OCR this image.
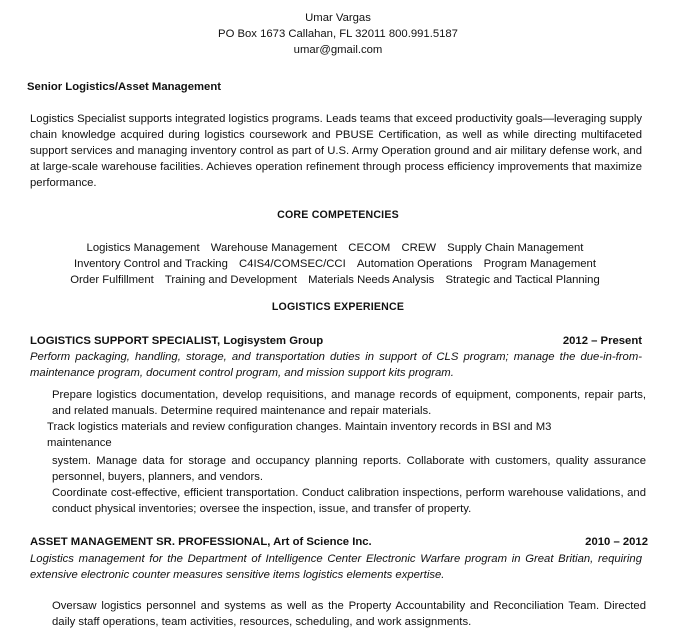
Umar Vargas
PO Box 1673 Callahan, FL 32011 800.991.5187
umar@gmail.com
Senior Logistics/Asset Management
Logistics Specialist supports integrated logistics programs. Leads teams that exceed productivity goals—leveraging supply chain knowledge acquired during logistics coursework and PBUSE Certification, as well as while directing multifaceted support services and managing inventory control as part of U.S. Army Operation ground and air military defense work, and at large-scale warehouse facilities. Achieves operation refinement through process efficiency improvements that maximize performance.
CORE COMPETENCIES
Logistics Management Warehouse Management CECOM CREW Supply Chain Management Inventory Control and Tracking C4IS4/COMSEC/CCI Automation Operations Program Management Order Fulfillment Training and Development Materials Needs Analysis Strategic and Tactical Planning
LOGISTICS EXPERIENCE
LOGISTICS SUPPORT SPECIALIST, Logisystem Group	2012 – Present
Perform packaging, handling, storage, and transportation duties in support of CLS program; manage the due-in-from- maintenance program, document control program, and mission support kits program.
Prepare logistics documentation, develop requisitions, and manage records of equipment, components, repair parts, and related manuals. Determine required maintenance and repair materials.
Track logistics materials and review configuration changes. Maintain inventory records in BSI and M3 maintenance
system. Manage data for storage and occupancy planning reports. Collaborate with customers, quality assurance personnel, buyers, planners, and vendors.
Coordinate cost-effective, efficient transportation. Conduct calibration inspections, perform warehouse validations, and conduct physical inventories; oversee the inspection, issue, and transfer of property.
ASSET MANAGEMENT SR. PROFESSIONAL, Art of Science Inc.	2010 – 2012
Logistics management for the Department of Intelligence Center Electronic Warfare program in Great Britian, requiring extensive electronic counter measures sensitive items logistics elements expertise.
Oversaw logistics personnel and systems as well as the Property Accountability and Reconciliation Team. Directed daily staff operations, team activities, resources, scheduling, and work assignments.
